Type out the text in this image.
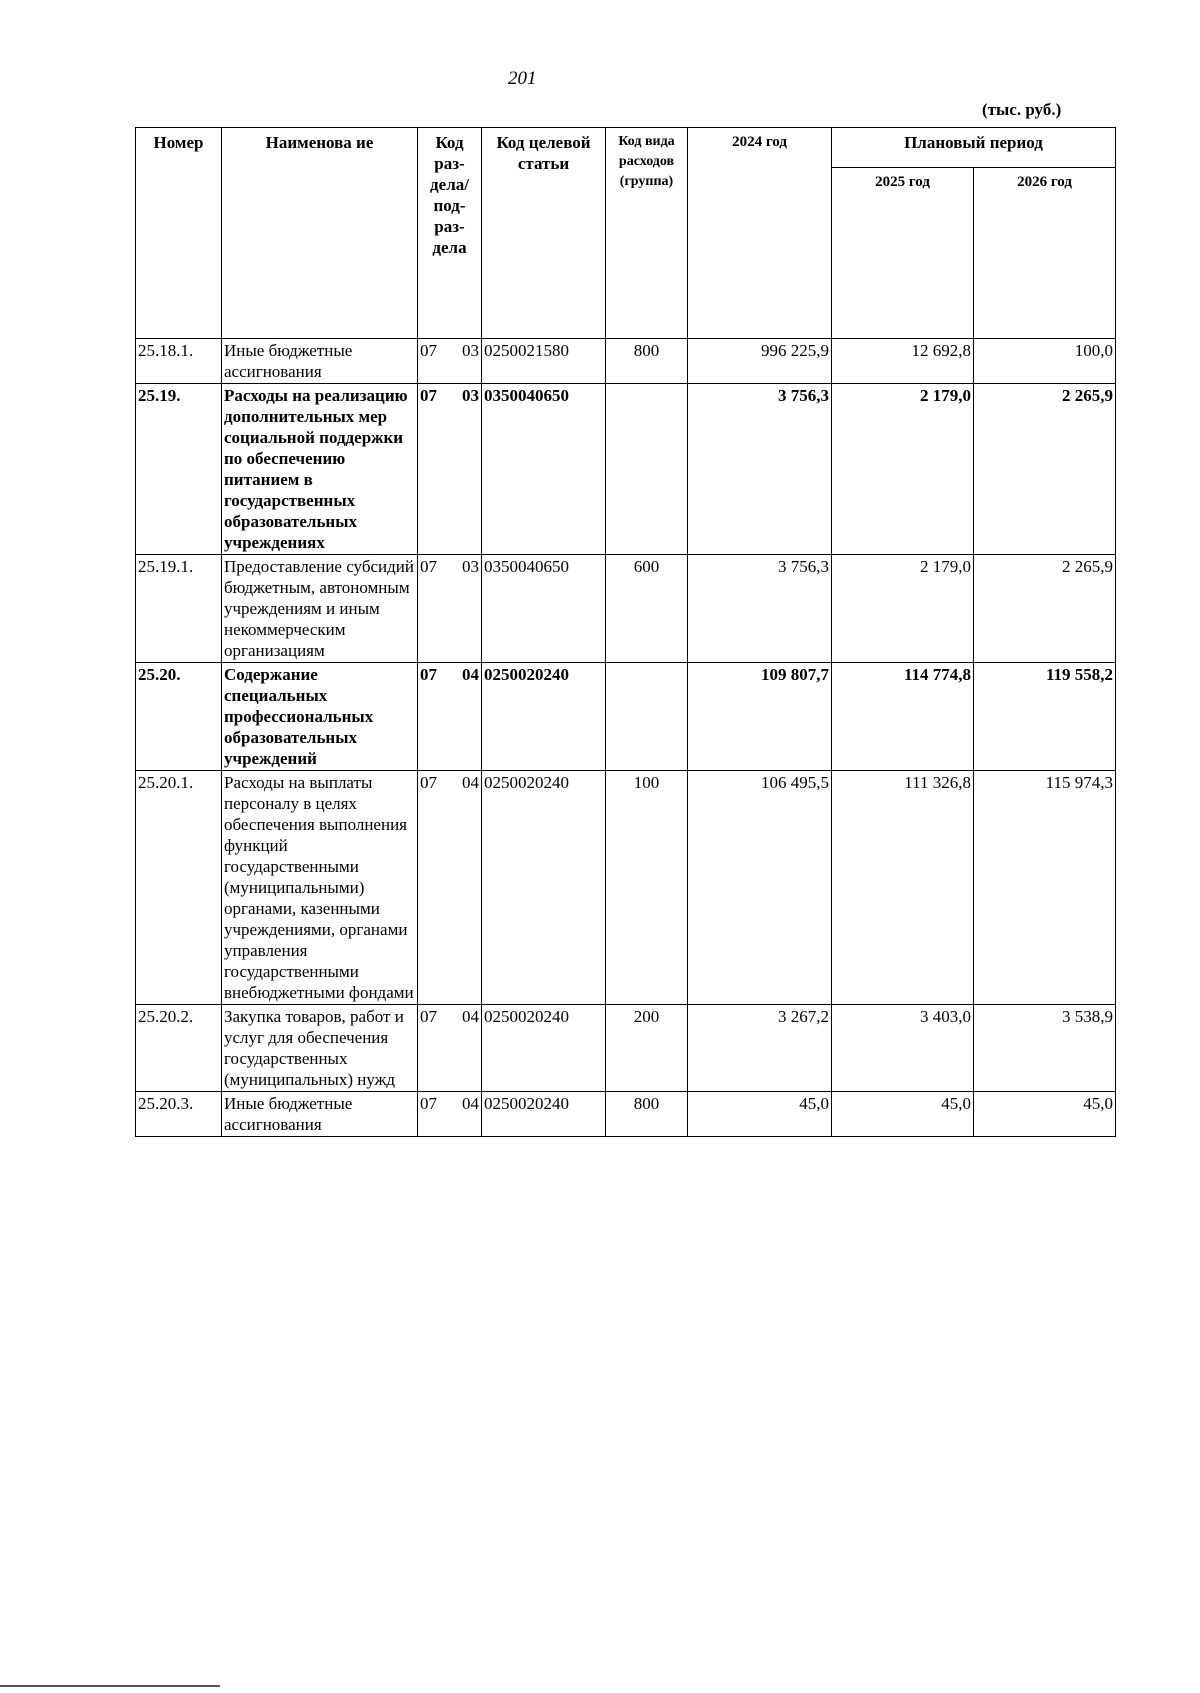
201
(тыс. руб.)
Номер	Наименова ие	Код раз-дела/ под-раз-дела	Код целевой статьи	Код вида расходов (группа)	2024 год	Плановый период	
						2025 год	2026 год
25.18.1.	Иные бюджетные ассигнования	07 03	0250021580	800	996 225,9	12 692,8	100,0
25.19.	Расходы на реализацию дополнительных мер социальной поддержки по обеспечению питанием в государственных образовательных учреждениях	07 03	0350040650		3 756,3	2 179,0	2 265,9
25.19.1.	Предоставление субсидий бюджетным, автономным учреждениям и иным некоммерческим организациям	07 03	0350040650	600	3 756,3	2 179,0	2 265,9
25.20.	Содержание специальных профессиональных образовательных учреждений	07 04	0250020240		109 807,7	114 774,8	119 558,2
25.20.1.	Расходы на выплаты персоналу в целях обеспечения выполнения функций государственными (муниципальными) органами, казенными учреждениями, органами управления государственными внебюджетными фондами	07 04	0250020240	100	106 495,5	111 326,8	115 974,3
25.20.2.	Закупка товаров, работ и услуг для обеспечения государственных (муниципальных) нужд	07 04	0250020240	200	3 267,2	3 403,0	3 538,9
25.20.3.	Иные бюджетные ассигнования	07 04	0250020240	800	45,0	45,0	45,0
